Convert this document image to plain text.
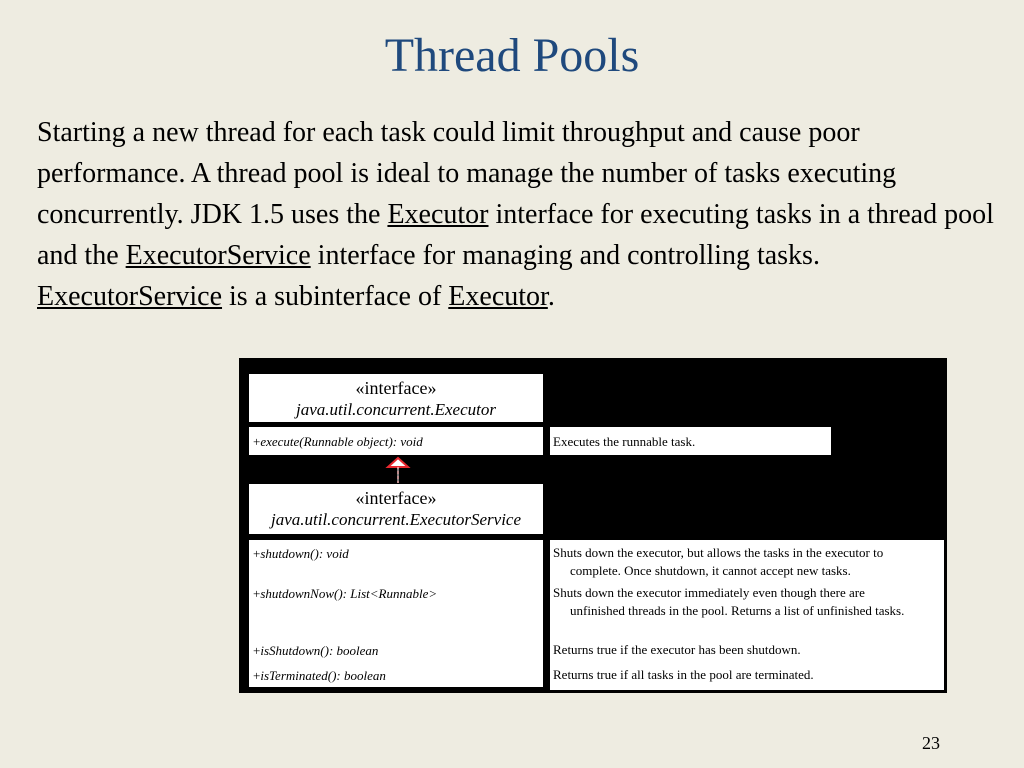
Thread Pools
Starting a new thread for each task could limit throughput and cause poor performance. A thread pool is ideal to manage the number of tasks executing concurrently. JDK 1.5 uses the Executor interface for executing tasks in a thread pool and the ExecutorService interface for managing and controlling tasks. ExecutorService is a subinterface of Executor.
«interface»
java.util.concurrent.Executor
+execute(Runnable object): void	Executes the runnable task.
«interface»
java.util.concurrent.ExecutorService
+shutdown(): void
+shutdownNow(): List<Runnable>
+isShutdown(): boolean
+isTerminated(): boolean
Shuts down the executor, but allows the tasks in the executor to
complete. Once shutdown, it cannot accept new tasks.
Shuts down the executor immediately even though there are
unfinished threads in the pool. Returns a list of unfinished tasks.
Returns true if the executor has been shutdown.
Returns true if all tasks in the pool are terminated.
23
